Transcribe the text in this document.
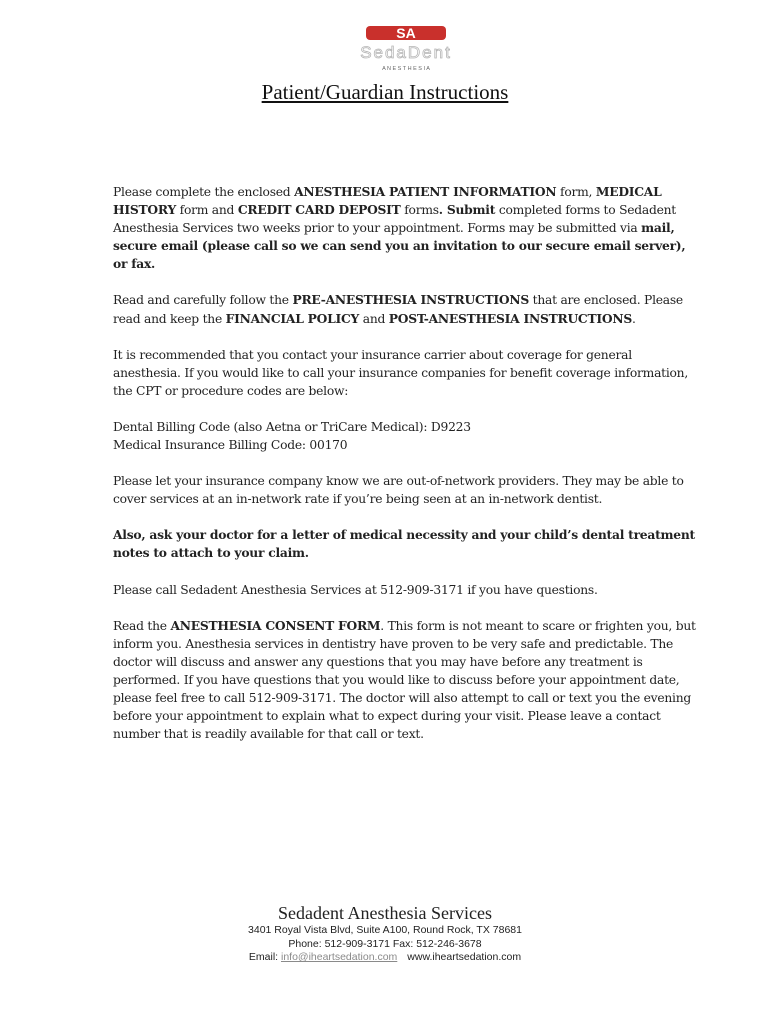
SA
SedaDent
A N E S T H E S I A
Patient/Guardian Instructions

Please complete the enclosed ANESTHESIA PATIENT INFORMATION form, MEDICAL HISTORY form and CREDIT CARD DEPOSIT forms. Submit completed forms to Sedadent Anesthesia Services two weeks prior to your appointment. Forms may be submitted via mail, secure email (please call so we can send you an invitation to our secure email server), or fax.

Read and carefully follow the PRE-ANESTHESIA INSTRUCTIONS that are enclosed. Please read and keep the FINANCIAL POLICY and POST-ANESTHESIA INSTRUCTIONS.

It is recommended that you contact your insurance carrier about coverage for general anesthesia. If you would like to call your insurance companies for benefit coverage information, the CPT or procedure codes are below:

Dental Billing Code (also Aetna or TriCare Medical): D9223

Medical Insurance Billing Code: 00170

Please let your insurance company know we are out-of-network providers. They may be able to cover services at an in-network rate if you’re being seen at an in-network dentist.

Also, ask your doctor for a letter of medical necessity and your child’s dental treatment notes to attach to your claim.

Please call Sedadent Anesthesia Services at 512-909-3171 if you have questions.

Read the ANESTHESIA CONSENT FORM. This form is not meant to scare or frighten you, but inform you. Anesthesia services in dentistry have proven to be very safe and predictable. The doctor will discuss and answer any questions that you may have before any treatment is performed. If you have questions that you would like to discuss before your appointment date, please feel free to call 512-909-3171. The doctor will also attempt to call or text you the evening before your appointment to explain what to expect during your visit. Please leave a contact number that is readily available for that call or text.

Sedadent Anesthesia Services
3401 Royal Vista Blvd, Suite A100, Round Rock, TX 78681
Phone: 512-909-3171 Fax: 512-246-3678
Email: info@iheartsedation.com www.iheartsedation.com
